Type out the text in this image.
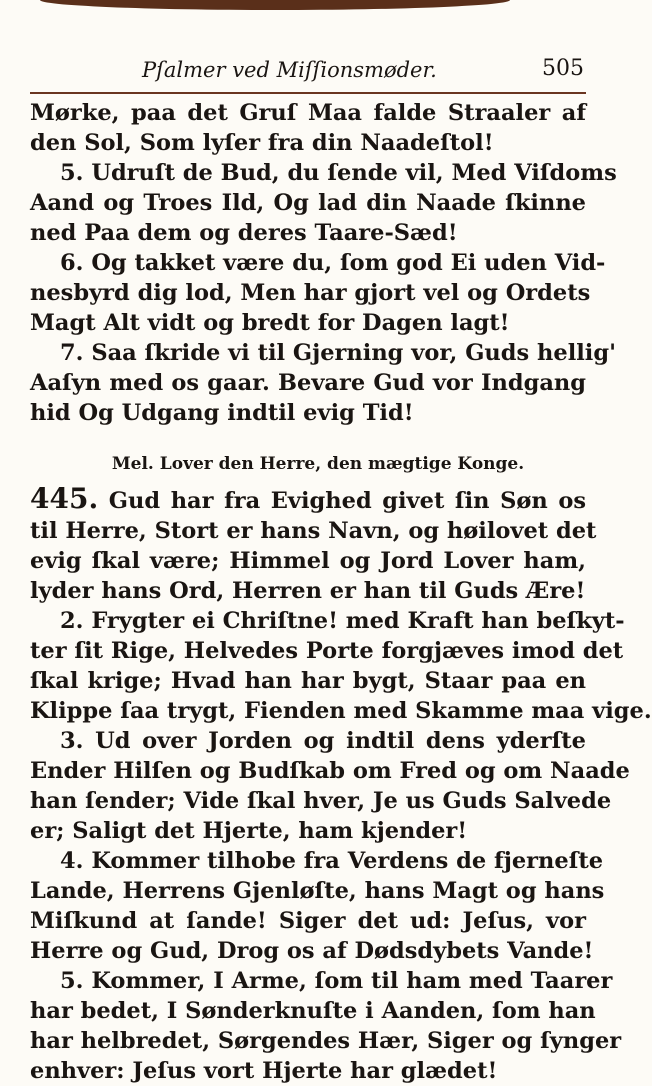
Pſalmer ved Miſſionsmøder.	505
Mørke, paa det Gruſ Maa falde Straaler af
den Sol, Som lyſer fra din Naadeſtol!
5. Udruſt de Bud, du ſende vil, Med Viſdoms
Aand og Troes Ild, Og lad din Naade ſkinne
ned Paa dem og deres Taare-Sæd!
6. Og takket være du, ſom god Ei uden Vid-
nesbyrd dig lod, Men har gjort vel og Ordets
Magt Alt vidt og bredt for Dagen lagt!
7. Saa ſkride vi til Gjerning vor, Guds hellig'
Aaſyn med os gaar. Bevare Gud vor Indgang
hid Og Udgang indtil evig Tid!
Mel. Lover den Herre, den mægtige Konge.
445. Gud har fra Evighed givet ſin Søn os
til Herre, Stort er hans Navn, og høilovet det
evig ſkal være; Himmel og Jord Lover ham,
lyder hans Ord, Herren er han til Guds Ære!
2. Frygter ei Chriſtne! med Kraft han beſkyt-
ter ſit Rige, Helvedes Porte forgjæves imod det
ſkal krige; Hvad han har bygt, Staar paa en
Klippe ſaa trygt, Fienden med Skamme maa vige.
3. Ud over Jorden og indtil dens yderſte
Ender Hilſen og Budſkab om Fred og om Naade
han ſender; Vide ſkal hver, Je us Guds Salvede
er; Saligt det Hjerte, ham kjender!
4. Kommer tilhobe fra Verdens de fjerneſte
Lande, Herrens Gjenløſte, hans Magt og hans
Miſkund at ſande! Siger det ud: Jeſus, vor
Herre og Gud, Drog os af Dødsdybets Vande!
5. Kommer, I Arme, ſom til ham med Taarer
har bedet, I Sønderknuſte i Aanden, ſom han
har helbredet, Sørgendes Hær, Siger og ſynger
enhver: Jeſus vort Hjerte har glædet!
